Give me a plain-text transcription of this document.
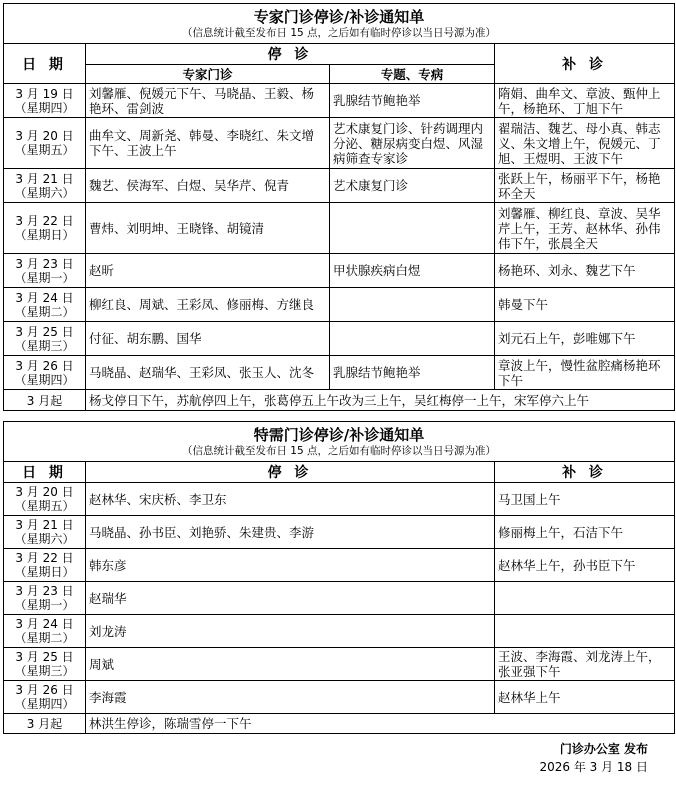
专家门诊停诊/补诊通知单
（信息统计截至发布日 15 点，之后如有临时停诊以当日号源为准）			

日 期	停 诊		补 诊
	专家门诊	专题、专病	

3 月 19 日
（星期四）	刘馨雁、倪媛元下午、马晓晶、王毅、杨艳环、雷剑波	乳腺结节鲍艳举	隋娟、曲牟文、章波、甄仲上午，杨艳环、丁旭下午

3 月 20 日
（星期五）	曲牟文、周新尧、韩曼、李晓红、朱文增下午、王波上午	艺术康复门诊、针药调理内分泌、糖尿病变白煜、风湿病筛查专家诊	翟瑞洁、魏艺、母小真、韩志义、朱文增上午，倪媛元、丁旭、王煜明、王波下午

3 月 21 日
（星期六）	魏艺、侯海军、白煜、吴华芹、倪青	艺术康复门诊	张跃上午，杨丽平下午，杨艳环全天

3 月 22 日
（星期日）	曹炜、刘明坤、王晓锋、胡镜清		刘馨雁、柳红良、章波、吴华芹上午，王芳、赵林华、孙伟伟下午，张晨全天

3 月 23 日
（星期一）	赵昕	甲状腺疾病白煜	杨艳环、刘永、魏艺下午

3 月 24 日
（星期二）	柳红良、周斌、王彩凤、修丽梅、方继良		韩曼下午

3 月 25 日
（星期三）	付征、胡东鹏、国华		刘元石上午，彭唯娜下午

3 月 26 日
（星期四）	马晓晶、赵瑞华、王彩凤、张玉人、沈冬	乳腺结节鲍艳举	章波上午，慢性盆腔痛杨艳环下午
3 月起	杨戈停日下午，苏航停四上午，张葛停五上午改为三上午，吴红梅停一上午，宋军停六上午		
特需门诊停诊/补诊通知单
（信息统计截至发布日 15 点，之后如有临时停诊以当日号源为准）		

日 期	停 诊	补 诊

3 月 20 日
（星期五）	赵林华、宋庆桥、李卫东	马卫国上午

3 月 21 日
（星期六）	马晓晶、孙书臣、刘艳骄、朱建贵、李游	修丽梅上午，石洁下午

3 月 22 日
（星期日）	韩东彦	赵林华上午，孙书臣下午

3 月 23 日
（星期一）	赵瑞华	

3 月 24 日
（星期二）	刘龙涛	

3 月 25 日
（星期三）	周斌	王波、李海霞、刘龙涛上午，张亚强下午

3 月 26 日
（星期四）	李海霞	赵林华上午
3 月起	林洪生停诊，陈瑞雪停一下午	
门诊办公室 发布
2026 年 3 月 18 日
